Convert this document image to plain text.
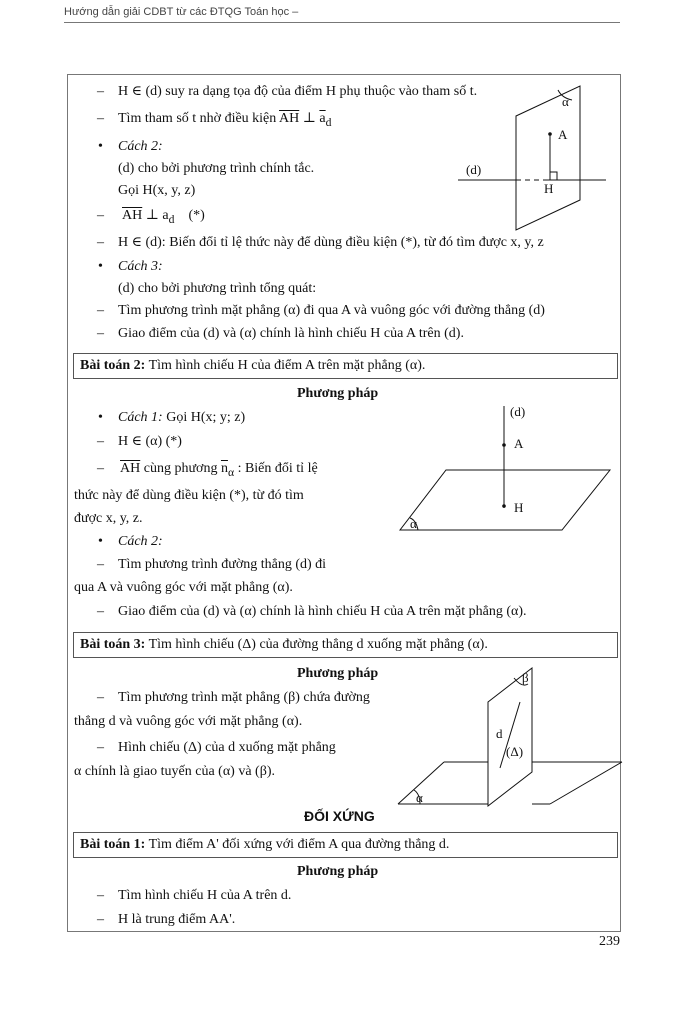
Hướng dẫn giải CDBT từ các ĐTQG Toán học –
– H ∈ (d) suy ra dạng tọa độ của điểm H phụ thuộc vào tham số t.
– Tìm tham số t nhờ điều kiện $\overline{AH}$ ⊥ $\overline{a}_d$
• Cách 2:
(d) cho bởi phương trình chính tắc.
Gọi H(x, y, z)
– $\overline{AH}$ ⊥ $a_d$    (*)
– H ∈ (d): Biến đổi tỉ lệ thức này để dùng điều kiện (*), từ đó tìm được x, y, z
• Cách 3:
(d) cho bởi phương trình tổng quát:
– Tìm phương trình mặt phẳng (α) đi qua A và vuông góc với đường thẳng (d)
– Giao điểm của (d) và (α) chính là hình chiếu H của A trên (d).
α
A
(d)
H
Bài toán 2: Tìm hình chiếu H của điểm A trên mặt phẳng (α).
Phương pháp
• Cách 1: Gọi H(x; y; z)
– H ∈ (α) (*)
– $\overline{AH}$ cùng phương $\overline{n}_\alpha$ : Biến đổi tỉ lệ
thức này để dùng điều kiện (*), từ đó tìm
được x, y, z.
• Cách 2:
– Tìm phương trình đường thẳng (d) đi
qua A và vuông góc với mặt phẳng (α).
– Giao điểm của (d) và (α) chính là hình chiếu H của A trên mặt phẳng (α).
(d)
A
H
α
Bài toán 3: Tìm hình chiếu (Δ) của đường thẳng d xuống mặt phẳng (α).
Phương pháp
– Tìm phương trình mặt phẳng (β) chứa đường
thẳng d và vuông góc với mặt phẳng (α).
– Hình chiếu (Δ) của d xuống mặt phẳng
α chính là giao tuyến của (α) và (β).
β
d
(Δ)
α
ĐỐI XỨNG
Bài toán 1: Tìm điểm A' đối xứng với điểm A qua đường thẳng d.
Phương pháp
– Tìm hình chiếu H của A trên d.
– H là trung điểm AA'.
239
